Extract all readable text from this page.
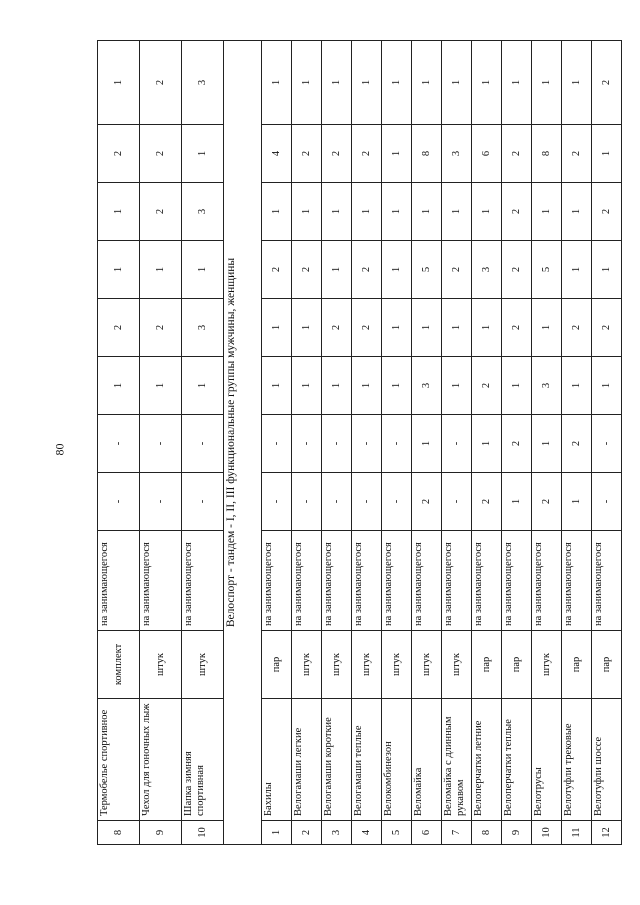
80
8	Термобелье спортивное	комплект	на занимающегося	-	-	1	2	1	1	2	1
9	Чехол для гоночных лыж	штук	на занимающегося	-	-	1	2	1	2	2	2
10	Шапка зимняя спортивная	штук	на занимающегося	-	-	1	3	1	3	1	3
Велоспорт - тандем - I, II, III функциональные группы мужчины, женщины											
1	Бахилы	пар	на занимающегося	-	-	1	1	2	1	4	1
2	Велогамаши легкие	штук	на занимающегося	-	-	1	1	2	1	2	1
3	Велогамаши короткие	штук	на занимающегося	-	-	1	2	1	1	2	1
4	Велогамаши теплые	штук	на занимающегося	-	-	1	2	2	1	2	1
5	Велокомбинезон	штук	на занимающегося	-	-	1	1	1	1	1	1
6	Веломайка	штук	на занимающегося	2	1	3	1	5	1	8	1
7	Веломайка с длинным рукавом	штук	на занимающегося	-	-	1	1	2	1	3	1
8	Велоперчатки летние	пар	на занимающегося	2	1	2	1	3	1	6	1
9	Велоперчатки теплые	пар	на занимающегося	1	2	1	2	2	2	2	1
10	Велотрусы	штук	на занимающегося	2	1	3	1	5	1	8	1
11	Велотуфли трековые	пар	на занимающегося	1	2	1	2	1	1	2	1
12	Велотуфли шоссе	пар	на занимающегося	-	-	1	2	1	2	1	2
